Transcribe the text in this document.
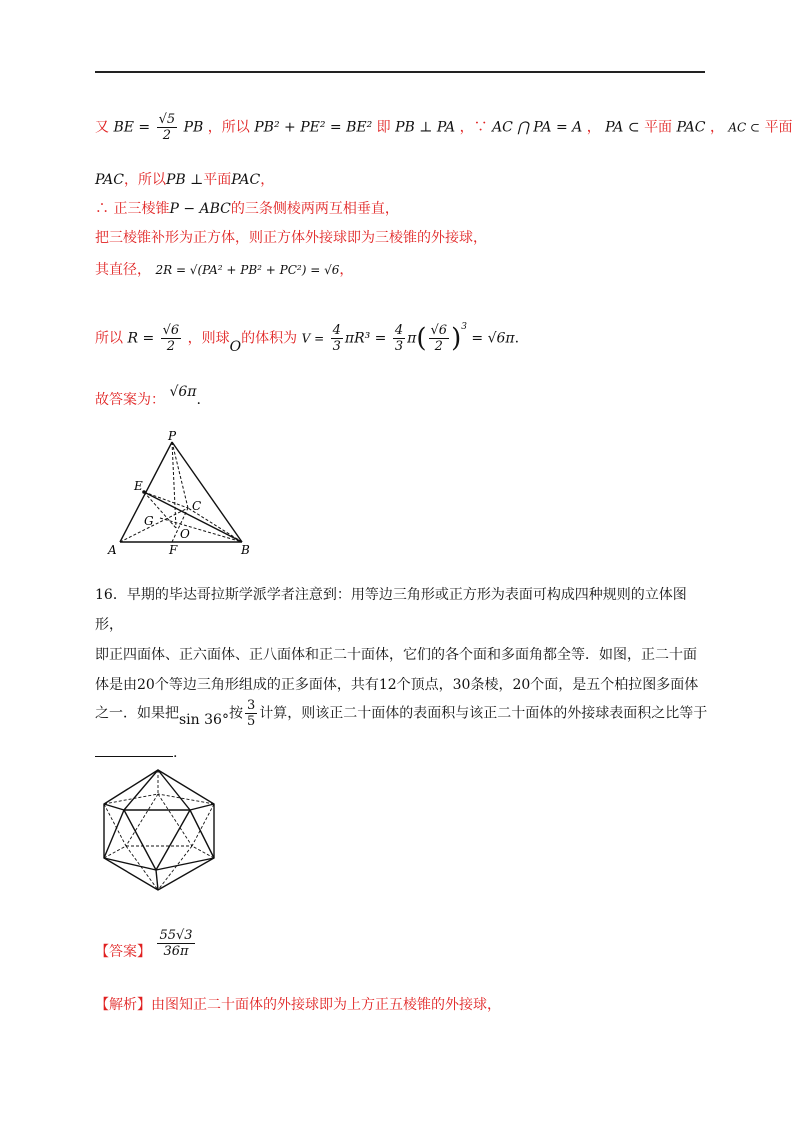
又 BE = $\frac{√5}{2}$ PB ，所以 PB² + PE² = BE² 即 PB ⊥ PA ，∵ AC ⋂ PA = A ， PA ⊂ 平面 PAC ， AC ⊂ 平面
PAC，所以PB ⊥平面PAC，
∴ 正三棱锥P − ABC的三条侧棱两两互相垂直，
把三棱锥补形为正方体，则正方体外接球即为三棱锥的外接球，
其直径， 2R = √(PA² + PB² + PC²) = √6，
所以 $R = \frac{√6}{2}$ ，则球O的体积为 $V = \frac{4}{3} \pi R^3 = \frac{4}{3} \pi( \frac{√6}{2} )^3 = √6\pi$.
故答案为： √6π.
P
E
C
G
O
A	F	B
16．早期的毕达哥拉斯学派学者注意到：用等边三角形或正方形为表面可构成四种规则的立体图形，
即正四面体、正六面体、正八面体和正二十面体，它们的各个面和多面角都全等．如图，正二十面
体是由20个等边三角形组成的正多面体，共有12个顶点，30条棱，20个面，是五个柏拉图多面体
之一．如果把sin 36°按 $\frac{3}{5}$ 计算，则该正二十面体的表面积与该正二十面体的外接球表面积之比等于
.
【答案】 $\frac{55√3}{36\pi}$
【解析】由图知正二十面体的外接球即为上方正五棱锥的外接球，
